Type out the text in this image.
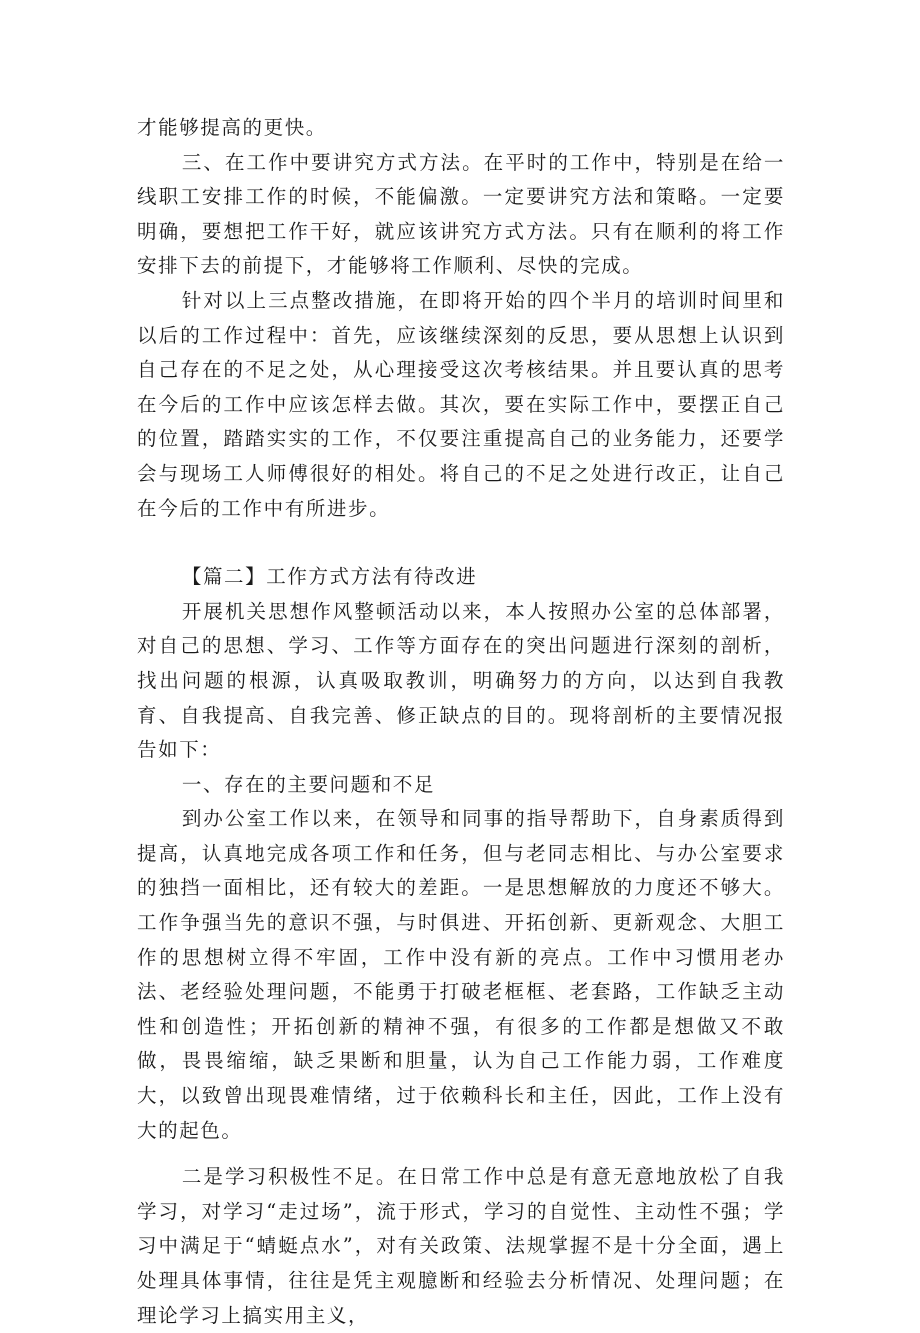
才能够提高的更快。

三、在工作中要讲究方式方法。在平时的工作中，特别是在给一线职工安排工作的时候，不能偏激。一定要讲究方法和策略。一定要明确，要想把工作干好，就应该讲究方式方法。只有在顺利的将工作安排下去的前提下，才能够将工作顺利、尽快的完成。

针对以上三点整改措施，在即将开始的四个半月的培训时间里和以后的工作过程中：首先，应该继续深刻的反思，要从思想上认识到自己存在的不足之处，从心理接受这次考核结果。并且要认真的思考在今后的工作中应该怎样去做。其次，要在实际工作中，要摆正自己的位置，踏踏实实的工作，不仅要注重提高自己的业务能力，还要学会与现场工人师傅很好的相处。将自己的不足之处进行改正，让自己在今后的工作中有所进步。

【篇二】工作方式方法有待改进

开展机关思想作风整顿活动以来，本人按照办公室的总体部署，对自己的思想、学习、工作等方面存在的突出问题进行深刻的剖析，找出问题的根源，认真吸取教训，明确努力的方向，以达到自我教育、自我提高、自我完善、修正缺点的目的。现将剖析的主要情况报告如下：

一、存在的主要问题和不足

到办公室工作以来，在领导和同事的指导帮助下，自身素质得到提高，认真地完成各项工作和任务，但与老同志相比、与办公室要求的独挡一面相比，还有较大的差距。一是思想解放的力度还不够大。工作争强当先的意识不强，与时俱进、开拓创新、更新观念、大胆工作的思想树立得不牢固，工作中没有新的亮点。工作中习惯用老办法、老经验处理问题，不能勇于打破老框框、老套路，工作缺乏主动性和创造性；开拓创新的精神不强，有很多的工作都是想做又不敢做，畏畏缩缩，缺乏果断和胆量，认为自己工作能力弱，工作难度大，以致曾出现畏难情绪，过于依赖科长和主任，因此，工作上没有大的起色。

二是学习积极性不足。在日常工作中总是有意无意地放松了自我学习，对学习“走过场”，流于形式，学习的自觉性、主动性不强；学习中满足于“蜻蜓点水”，对有关政策、法规掌握不是十分全面，遇上处理具体事情，往往是凭主观臆断和经验去分析情况、处理问题；在理论学习上搞实用主义，
